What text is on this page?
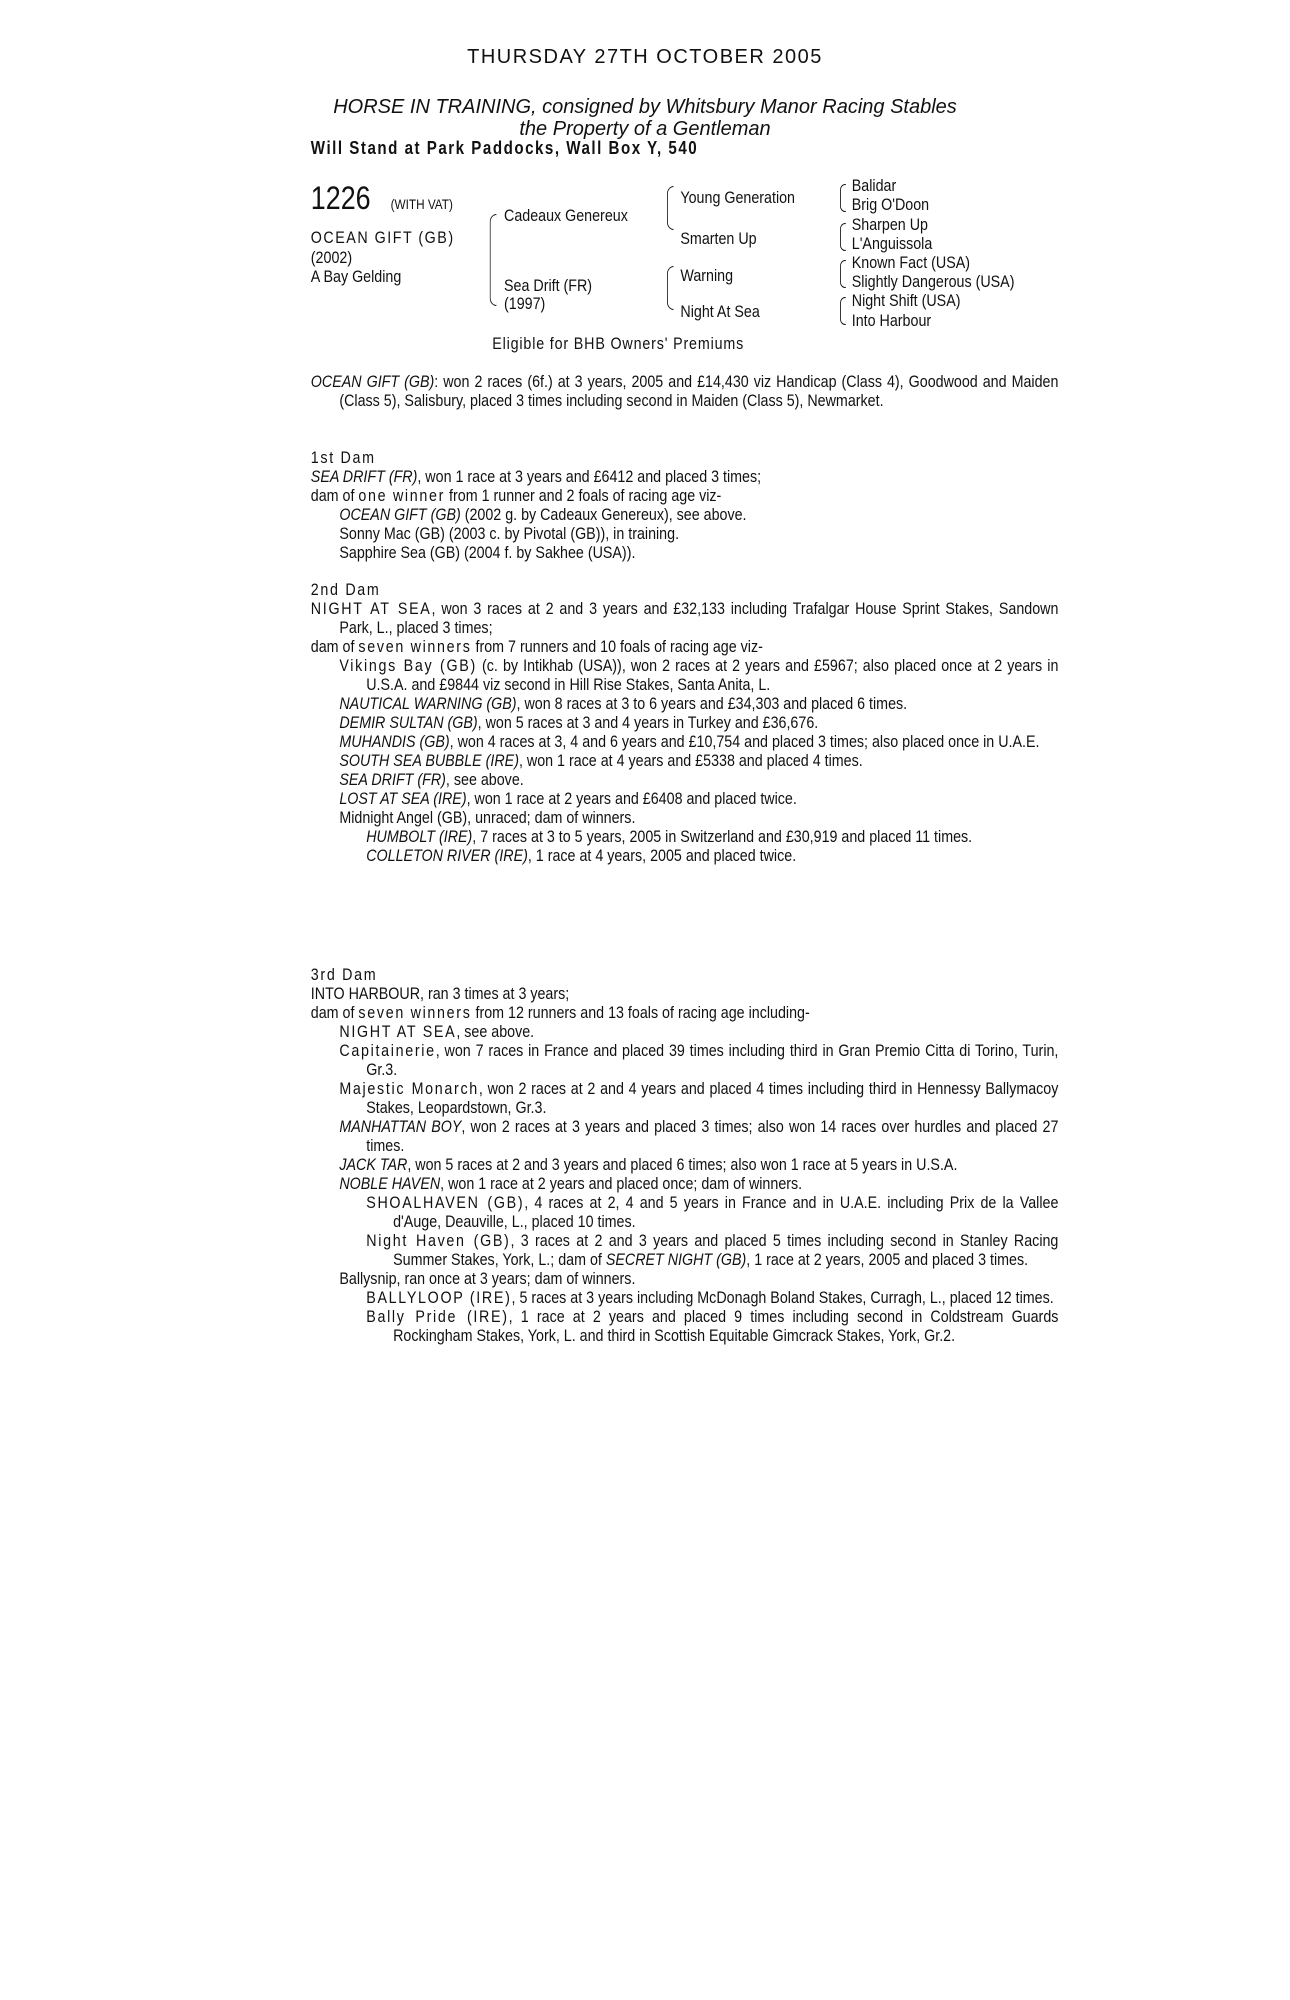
THURSDAY 27TH OCTOBER 2005
HORSE IN TRAINING, consigned by Whitsbury Manor Racing Stables
the Property of a Gentleman
Will Stand at Park Paddocks, Wall Box Y, 540
1226 (WITH VAT)
OCEAN GIFT (GB)
(2002)
A Bay Gelding
Cadeaux Genereux
Sea Drift (FR)
(1997)
Young Generation
Smarten Up
Warning
Night At Sea
Balidar
Brig O'Doon
Sharpen Up
L'Anguissola
Known Fact (USA)
Slightly Dangerous (USA)
Night Shift (USA)
Into Harbour
Eligible for BHB Owners' Premiums

OCEAN GIFT (GB): won 2 races (6f.) at 3 years, 2005 and £14,430 viz Handicap (Class 4), Goodwood and Maiden (Class 5), Salisbury, placed 3 times including second in Maiden (Class 5), Newmarket.

1st Dam

SEA DRIFT (FR), won 1 race at 3 years and £6412 and placed 3 times;

dam of one winner from 1 runner and 2 foals of racing age viz-

OCEAN GIFT (GB) (2002 g. by Cadeaux Genereux), see above.

Sonny Mac (GB) (2003 c. by Pivotal (GB)), in training.

Sapphire Sea (GB) (2004 f. by Sakhee (USA)).

2nd Dam

NIGHT AT SEA, won 3 races at 2 and 3 years and £32,133 including Trafalgar House Sprint Stakes, Sandown Park, L., placed 3 times;

dam of seven winners from 7 runners and 10 foals of racing age viz-

Vikings Bay (GB) (c. by Intikhab (USA)), won 2 races at 2 years and £5967; also placed once at 2 years in U.S.A. and £9844 viz second in Hill Rise Stakes, Santa Anita, L.

NAUTICAL WARNING (GB), won 8 races at 3 to 6 years and £34,303 and placed 6 times.

DEMIR SULTAN (GB), won 5 races at 3 and 4 years in Turkey and £36,676.

MUHANDIS (GB), won 4 races at 3, 4 and 6 years and £10,754 and placed 3 times; also placed once in U.A.E.

SOUTH SEA BUBBLE (IRE), won 1 race at 4 years and £5338 and placed 4 times.

SEA DRIFT (FR), see above.

LOST AT SEA (IRE), won 1 race at 2 years and £6408 and placed twice.

Midnight Angel (GB), unraced; dam of winners.

HUMBOLT (IRE), 7 races at 3 to 5 years, 2005 in Switzerland and £30,919 and placed 11 times.

COLLETON RIVER (IRE), 1 race at 4 years, 2005 and placed twice.

3rd Dam

INTO HARBOUR, ran 3 times at 3 years;

dam of seven winners from 12 runners and 13 foals of racing age including-

NIGHT AT SEA, see above.

Capitainerie, won 7 races in France and placed 39 times including third in Gran Premio Citta di Torino, Turin, Gr.3.

Majestic Monarch, won 2 races at 2 and 4 years and placed 4 times including third in Hennessy Ballymacoy Stakes, Leopardstown, Gr.3.

MANHATTAN BOY, won 2 races at 3 years and placed 3 times; also won 14 races over hurdles and placed 27 times.

JACK TAR, won 5 races at 2 and 3 years and placed 6 times; also won 1 race at 5 years in U.S.A.

NOBLE HAVEN, won 1 race at 2 years and placed once; dam of winners.

SHOALHAVEN (GB), 4 races at 2, 4 and 5 years in France and in U.A.E. including Prix de la Vallee d'Auge, Deauville, L., placed 10 times.

Night Haven (GB), 3 races at 2 and 3 years and placed 5 times including second in Stanley Racing Summer Stakes, York, L.; dam of SECRET NIGHT (GB), 1 race at 2 years, 2005 and placed 3 times.

Ballysnip, ran once at 3 years; dam of winners.

BALLYLOOP (IRE), 5 races at 3 years including McDonagh Boland Stakes, Curragh, L., placed 12 times.

Bally Pride (IRE), 1 race at 2 years and placed 9 times including second in Coldstream Guards Rockingham Stakes, York, L. and third in Scottish Equitable Gimcrack Stakes, York, Gr.2.
